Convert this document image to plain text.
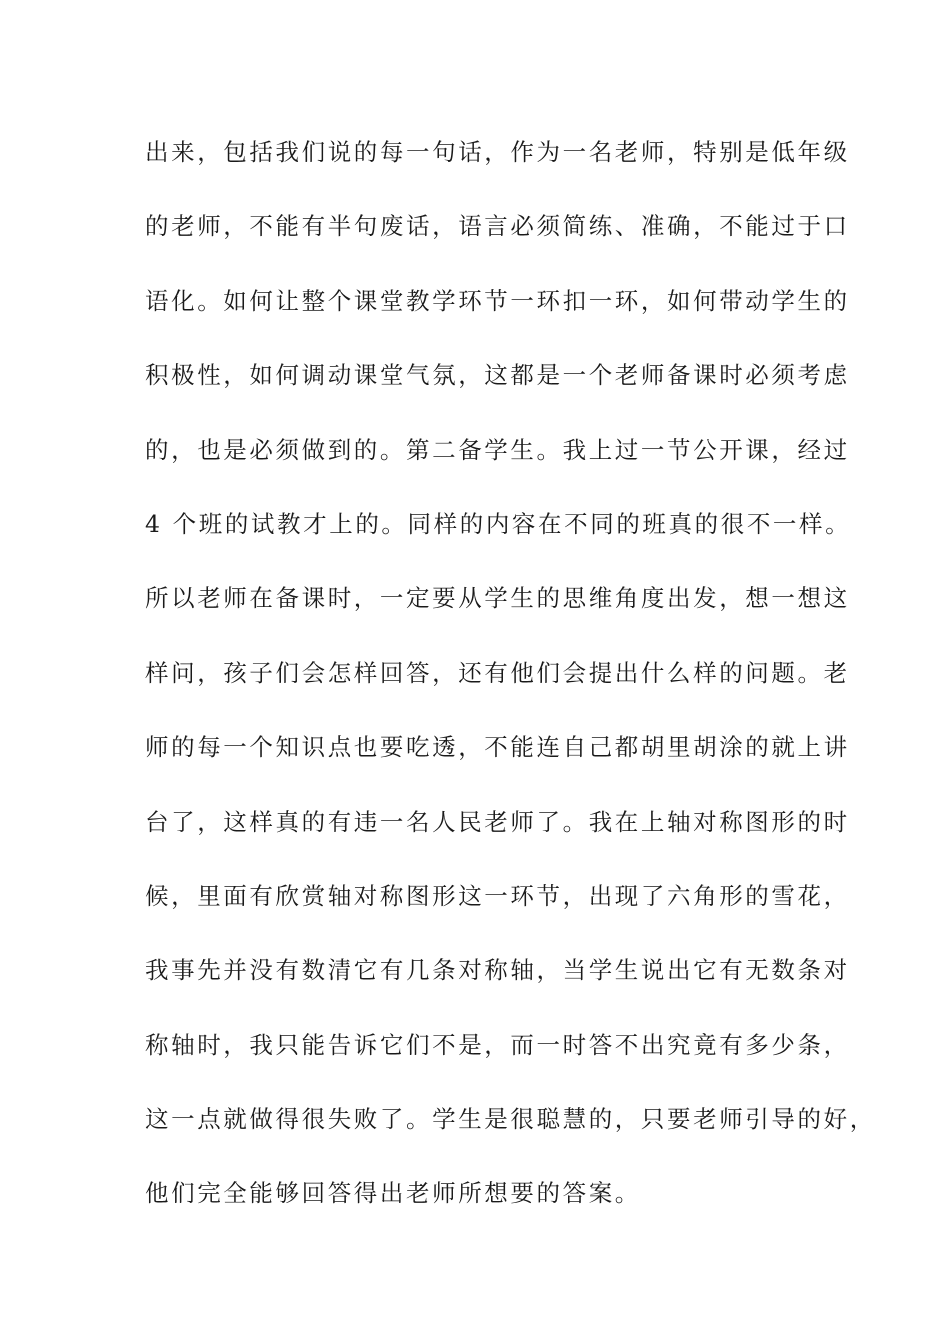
出来，包括我们说的每一句话，作为一名老师，特别是低年级
的老师，不能有半句废话，语言必须简练、准确，不能过于口
语化。如何让整个课堂教学环节一环扣一环，如何带动学生的
积极性，如何调动课堂气氛，这都是一个老师备课时必须考虑
的，也是必须做到的。第二备学生。我上过一节公开课，经过
4 个班的试教才上的。同样的内容在不同的班真的很不一样。
所以老师在备课时，一定要从学生的思维角度出发，想一想这
样问，孩子们会怎样回答，还有他们会提出什么样的问题。老
师的每一个知识点也要吃透，不能连自己都胡里胡涂的就上讲
台了，这样真的有违一名人民老师了。我在上轴对称图形的时
候，里面有欣赏轴对称图形这一环节，出现了六角形的雪花，
我事先并没有数清它有几条对称轴，当学生说出它有无数条对
称轴时，我只能告诉它们不是，而一时答不出究竟有多少条，
这一点就做得很失败了。学生是很聪慧的，只要老师引导的好，
他们完全能够回答得出老师所想要的答案。
